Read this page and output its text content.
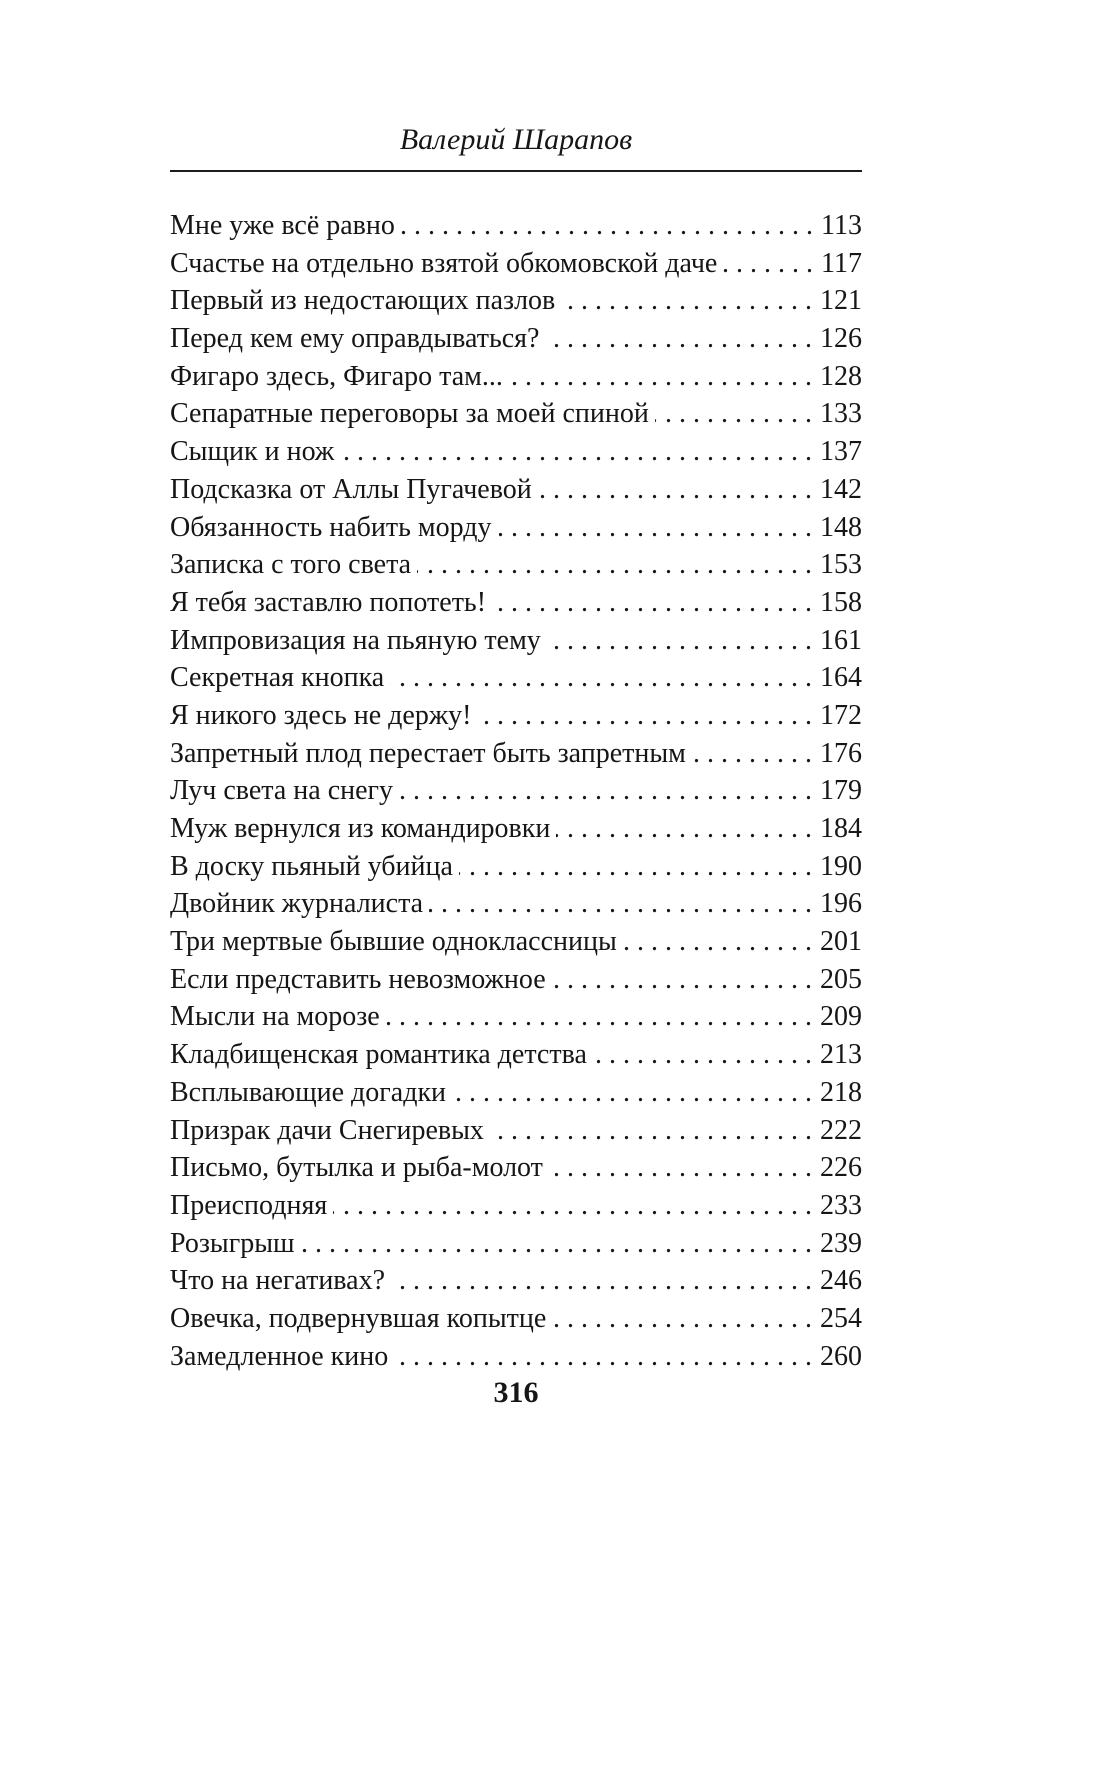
Валерий Шарапов
Мне уже всё равно .....	113
Счастье на отдельно взятой обкомовской даче .....	117
Первый из недостающих пазлов .....	121
Перед кем ему оправдываться? .....	126
Фигаро здесь, Фигаро там... .....	128
Сепаратные переговоры за моей спиной .....	133
Сыщик и нож .....	137
Подсказка от Аллы Пугачевой .....	142
Обязанность набить морду .....	148
Записка с того света .....	153
Я тебя заставлю попотеть! .....	158
Импровизация на пьяную тему .....	161
Секретная кнопка .....	164
Я никого здесь не держу! .....	172
Запретный плод перестает быть запретным .....	176
Луч света на снегу .....	179
Муж вернулся из командировки .....	184
В доску пьяный убийца .....	190
Двойник журналиста .....	196
Три мертвые бывшие одноклассницы .....	201
Если представить невозможное .....	205
Мысли на морозе .....	209
Кладбищенская романтика детства .....	213
Всплывающие догадки .....	218
Призрак дачи Снегиревых .....	222
Письмо, бутылка и рыба-молот .....	226
Преисподняя .....	233
Розыгрыш .....	239
Что на негативах? .....	246
Овечка, подвернувшая копытце .....	254
Замедленное кино .....	260
316
